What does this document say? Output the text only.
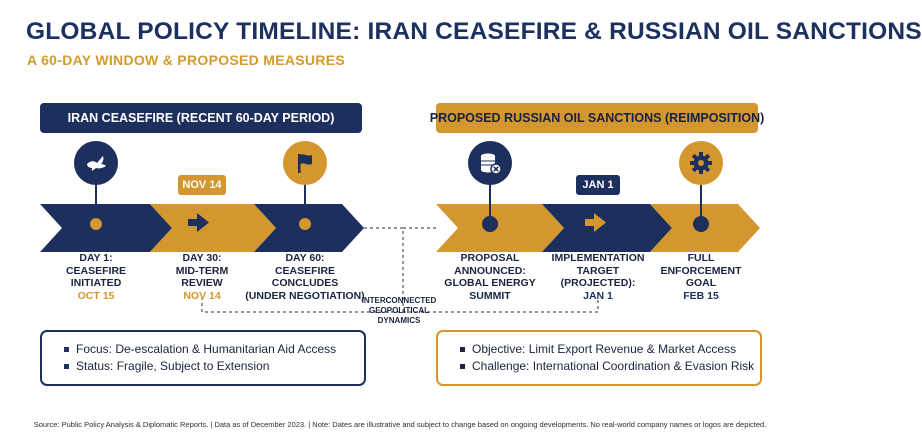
GLOBAL POLICY TIMELINE: IRAN CEASEFIRE & RUSSIAN OIL SANCTIONS
A 60-DAY WINDOW & PROPOSED MEASURES
IRAN CEASEFIRE (RECENT 60-DAY PERIOD)	PROPOSED RUSSIAN OIL SANCTIONS (REIMPOSITION)
NOV 14	JAN 1
DAY 1:
CEASEFIRE
INITIATED
OCT 15
DAY 30:
MID-TERM
REVIEW
NOV 14
DAY 60:
CEASEFIRE
CONCLUDES
(UNDER NEGOTIATION)
PROPOSAL
ANNOUNCED:
GLOBAL ENERGY
SUMMIT
IMPLEMENTATION
TARGET
(PROJECTED):
JAN 1
FULL
ENFORCEMENT
GOAL
FEB 15
INTERCONNECTED
GEOPOLITICAL
DYNAMICS
Focus: De-escalation & Humanitarian Aid Access
Status: Fragile, Subject to Extension
Objective: Limit Export Revenue & Market Access
Challenge: International Coordination & Evasion Risk
Source: Public Policy Analysis & Diplomatic Reports. | Data as of December 2023. | Note: Dates are illustrative and subject to change based on ongoing developments. No real-world company names or logos are depicted.
